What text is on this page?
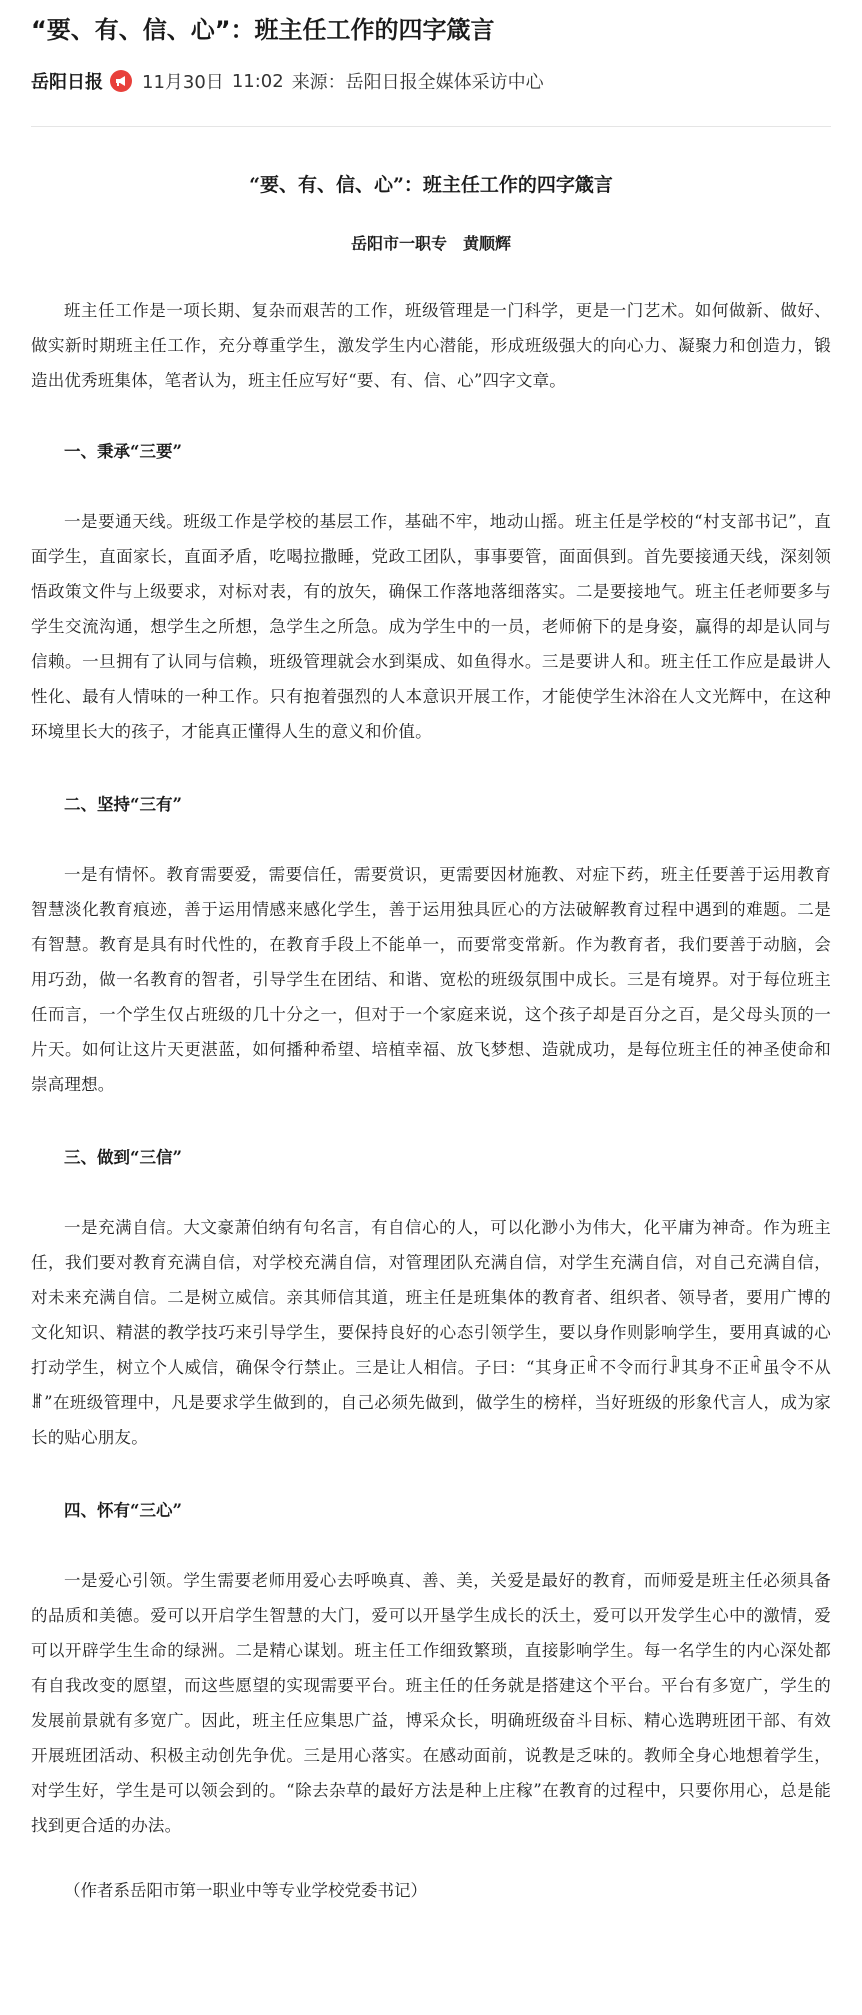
“要、有、信、心”：班主任工作的四字箴言
岳阳日报 11月30日 11:02 来源：岳阳日报全媒体采访中心
“要、有、信、心”：班主任工作的四字箴言
岳阳市一职专　黄顺辉

班主任工作是一项长期、复杂而艰苦的工作，班级管理是一门科学，更是一门艺术。如何做新、做好、做实新时期班主任工作，充分尊重学生，激发学生内心潜能，形成班级强大的向心力、凝聚力和创造力，锻造出优秀班集体，笔者认为，班主任应写好“要、有、信、心”四字文章。

一、秉承“三要”

一是要通天线。班级工作是学校的基层工作，基础不牢，地动山摇。班主任是学校的“村支部书记”，直面学生，直面家长，直面矛盾，吃喝拉撒睡，党政工团队，事事要管，面面俱到。首先要接通天线，深刻领悟政策文件与上级要求，对标对表，有的放矢，确保工作落地落细落实。二是要接地气。班主任老师要多与学生交流沟通，想学生之所想，急学生之所急。成为学生中的一员，老师俯下的是身姿，赢得的却是认同与信赖。一旦拥有了认同与信赖，班级管理就会水到渠成、如鱼得水。三是要讲人和。班主任工作应是最讲人性化、最有人情味的一种工作。只有抱着强烈的人本意识开展工作，才能使学生沐浴在人文光辉中，在这种环境里长大的孩子，才能真正懂得人生的意义和价值。

二、坚持“三有”

一是有情怀。教育需要爱，需要信任，需要赏识，更需要因材施教、对症下药，班主任要善于运用教育智慧淡化教育痕迹，善于运用情感来感化学生，善于运用独具匠心的方法破解教育过程中遇到的难题。二是有智慧。教育是具有时代性的，在教育手段上不能单一，而要常变常新。作为教育者，我们要善于动脑，会用巧劲，做一名教育的智者，引导学生在团结、和谐、宽松的班级氛围中成长。三是有境界。对于每位班主任而言，一个学生仅占班级的几十分之一，但对于一个家庭来说，这个孩子却是百分之百，是父母头顶的一片天。如何让这片天更湛蓝，如何播种希望、培植幸福、放飞梦想、造就成功，是每位班主任的神圣使命和崇高理想。

三、做到“三信”

一是充满自信。大文豪萧伯纳有句名言，有自信心的人，可以化渺小为伟大，化平庸为神奇。作为班主任，我们要对教育充满自信，对学校充满自信，对管理团队充满自信，对学生充满自信，对自己充满自信，对未来充满自信。二是树立威信。亲其师信其道，班主任是班集体的教育者、组织者、领导者，要用广博的文化知识、精湛的教学技巧来引导学生，要保持良好的心态引领学生，要以身作则影响学生，要用真诚的心打动学生，树立个人威信，确保令行禁止。三是让人相信。子曰：“其身正ꎬ不令而行ꎻ其身不正ꎬ虽令不从ꎮ”在班级管理中，凡是要求学生做到的，自己必须先做到，做学生的榜样，当好班级的形象代言人，成为家长的贴心朋友。

四、怀有“三心”

一是爱心引领。学生需要老师用爱心去呼唤真、善、美，关爱是最好的教育，而师爱是班主任必须具备的品质和美德。爱可以开启学生智慧的大门，爱可以开垦学生成长的沃土，爱可以开发学生心中的激情，爱可以开辟学生生命的绿洲。二是精心谋划。班主任工作细致繁琐，直接影响学生。每一名学生的内心深处都有自我改变的愿望，而这些愿望的实现需要平台。班主任的任务就是搭建这个平台。平台有多宽广，学生的发展前景就有多宽广。因此，班主任应集思广益，博采众长，明确班级奋斗目标、精心选聘班团干部、有效开展班团活动、积极主动创先争优。三是用心落实。在感动面前，说教是乏味的。教师全身心地想着学生，对学生好，学生是可以领会到的。“除去杂草的最好方法是种上庄稼”在教育的过程中，只要你用心，总是能找到更合适的办法。

（作者系岳阳市第一职业中等专业学校党委书记）
